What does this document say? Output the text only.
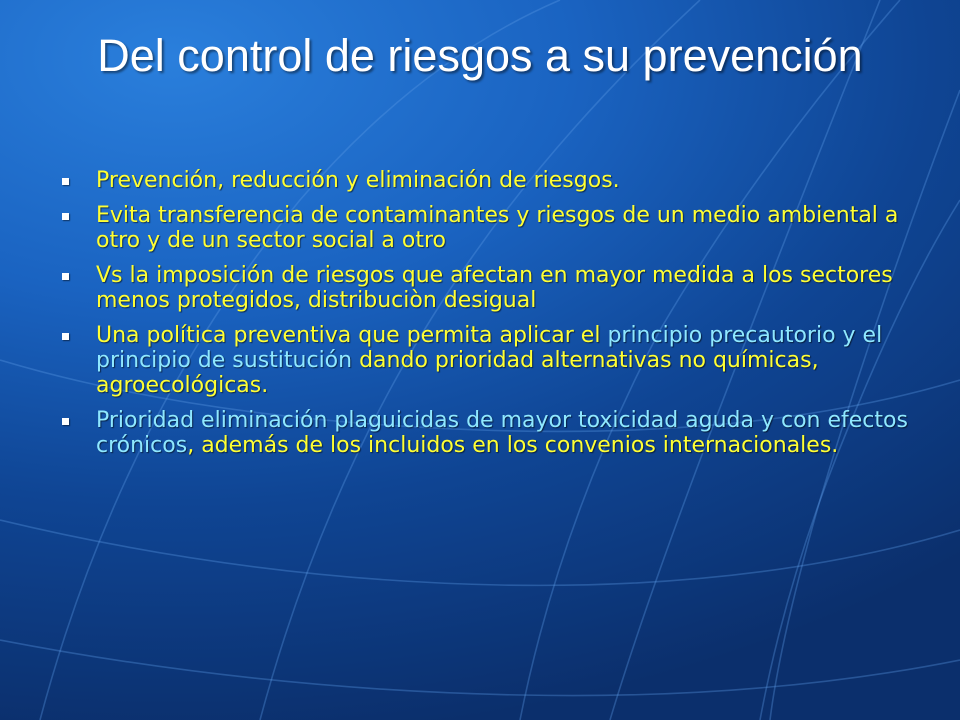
Del control de riesgos a su prevención
Prevención, reducción y eliminación de riesgos.
Evita transferencia de contaminantes y riesgos de un medio ambiental a otro y de un sector social a otro
Vs la imposición de riesgos que afectan en mayor medida a los sectores menos protegidos, distribuciòn desigual
Una política preventiva que permita aplicar el principio precautorio y el principio de sustitución dando prioridad alternativas no químicas, agroecológicas.
Prioridad eliminación plaguicidas de mayor toxicidad aguda y con efectos crónicos, además de los incluidos en los convenios internacionales.
